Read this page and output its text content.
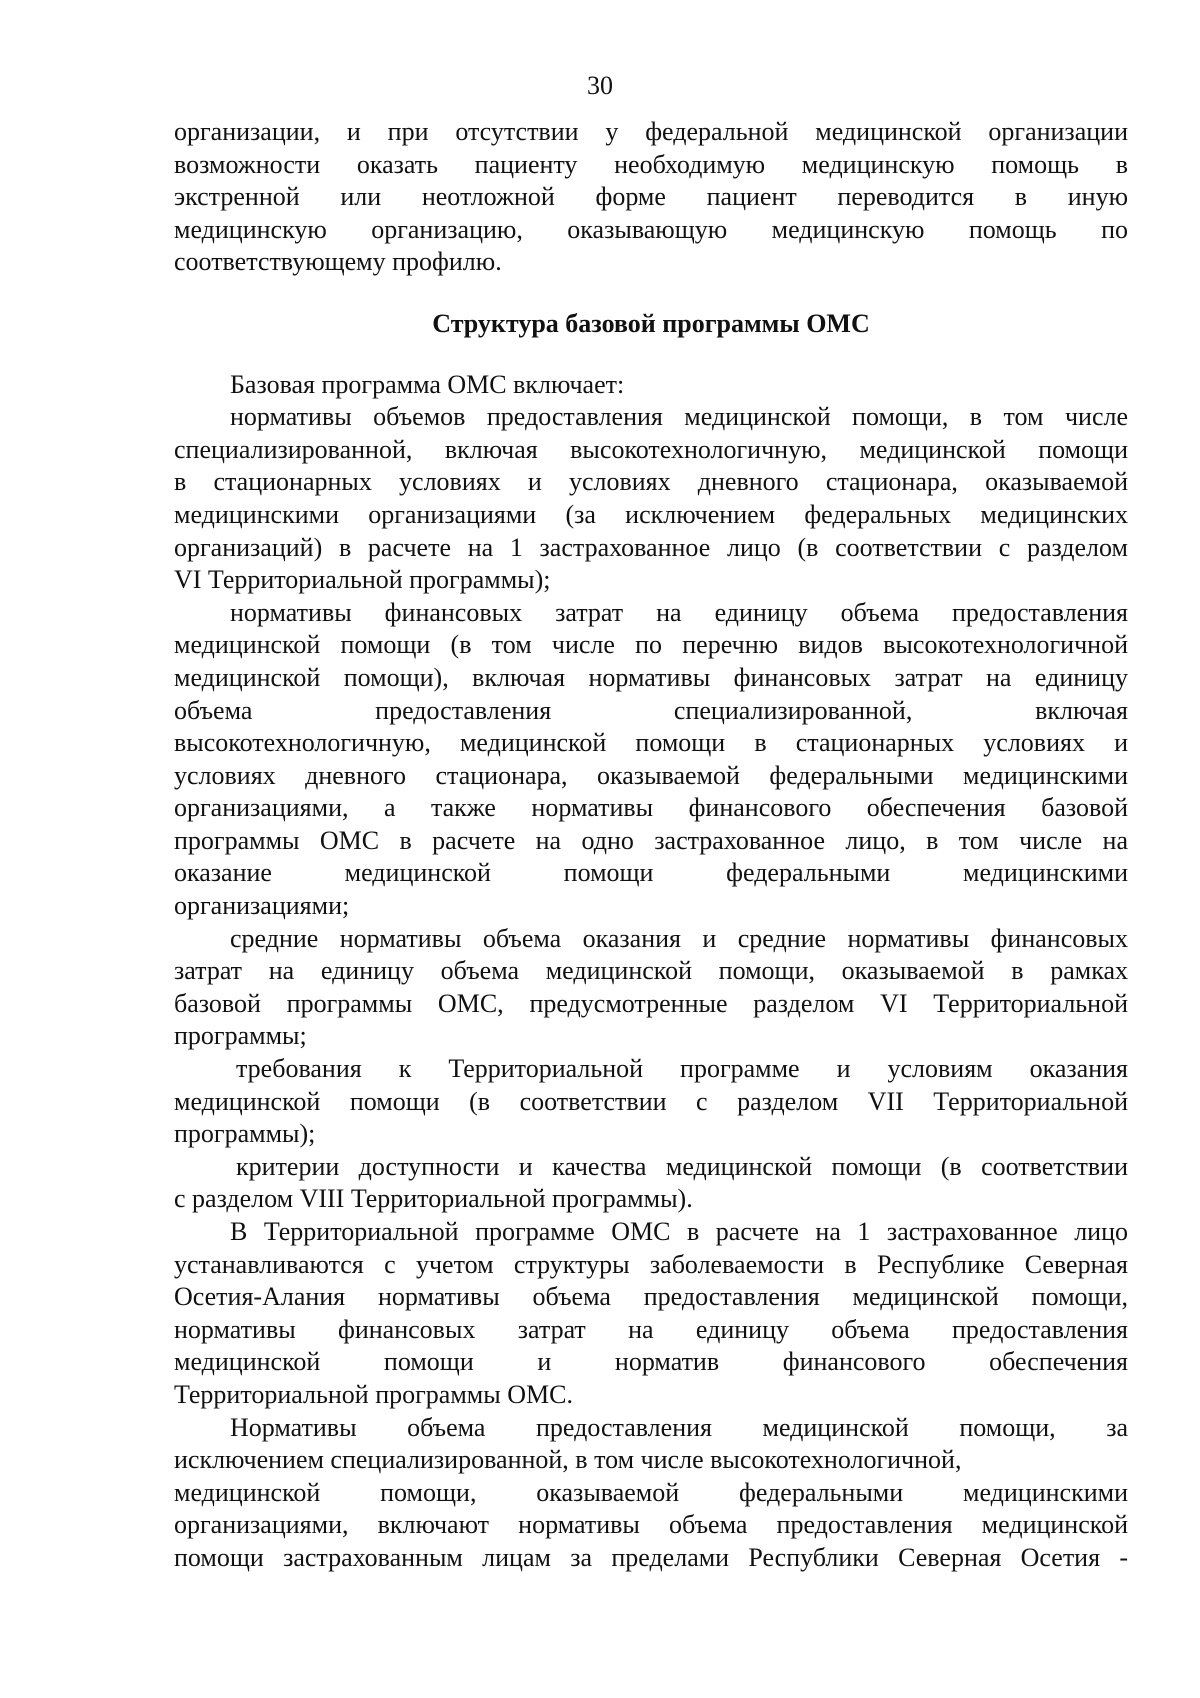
30
организации, и при отсутствии у федеральной медицинской организации
возможности оказать пациенту необходимую медицинскую помощь в
экстренной или неотложной форме пациент переводится в иную
медицинскую организацию, оказывающую медицинскую помощь по
соответствующему профилю.
Структура базовой программы ОМС
Базовая программа ОМС включает:
нормативы объемов предоставления медицинской помощи, в том числе
специализированной, включая высокотехнологичную, медицинской помощи
в стационарных условиях и условиях дневного стационара, оказываемой
медицинскими организациями (за исключением федеральных медицинских
организаций) в расчете на 1 застрахованное лицо (в соответствии с разделом
VI Территориальной программы);
нормативы финансовых затрат на единицу объема предоставления
медицинской помощи (в том числе по перечню видов высокотехнологичной
медицинской помощи), включая нормативы финансовых затрат на единицу
объема предоставления специализированной, включая
высокотехнологичную, медицинской помощи в стационарных условиях и
условиях дневного стационара, оказываемой федеральными медицинскими
организациями, а также нормативы финансового обеспечения базовой
программы ОМС в расчете на одно застрахованное лицо, в том числе на
оказание медицинской помощи федеральными медицинскими
организациями;
средние нормативы объема оказания и средние нормативы финансовых
затрат на единицу объема медицинской помощи, оказываемой в рамках
базовой программы ОМС, предусмотренные разделом VI Территориальной
программы;
требования к Территориальной программе и условиям оказания
медицинской помощи (в соответствии с разделом VII Территориальной
программы);
критерии доступности и качества медицинской помощи (в соответствии
с разделом VIII Территориальной программы).
В Территориальной программе ОМС в расчете на 1 застрахованное лицо
устанавливаются с учетом структуры заболеваемости в Республике Северная
Осетия-Алания нормативы объема предоставления медицинской помощи,
нормативы финансовых затрат на единицу объема предоставления
медицинской помощи и норматив финансового обеспечения
Территориальной программы ОМС.
Нормативы объема предоставления медицинской помощи, за
исключением специализированной, в том числе высокотехнологичной,
медицинской помощи, оказываемой федеральными медицинскими
организациями, включают нормативы объема предоставления медицинской
помощи застрахованным лицам за пределами Республики Северная Осетия -
